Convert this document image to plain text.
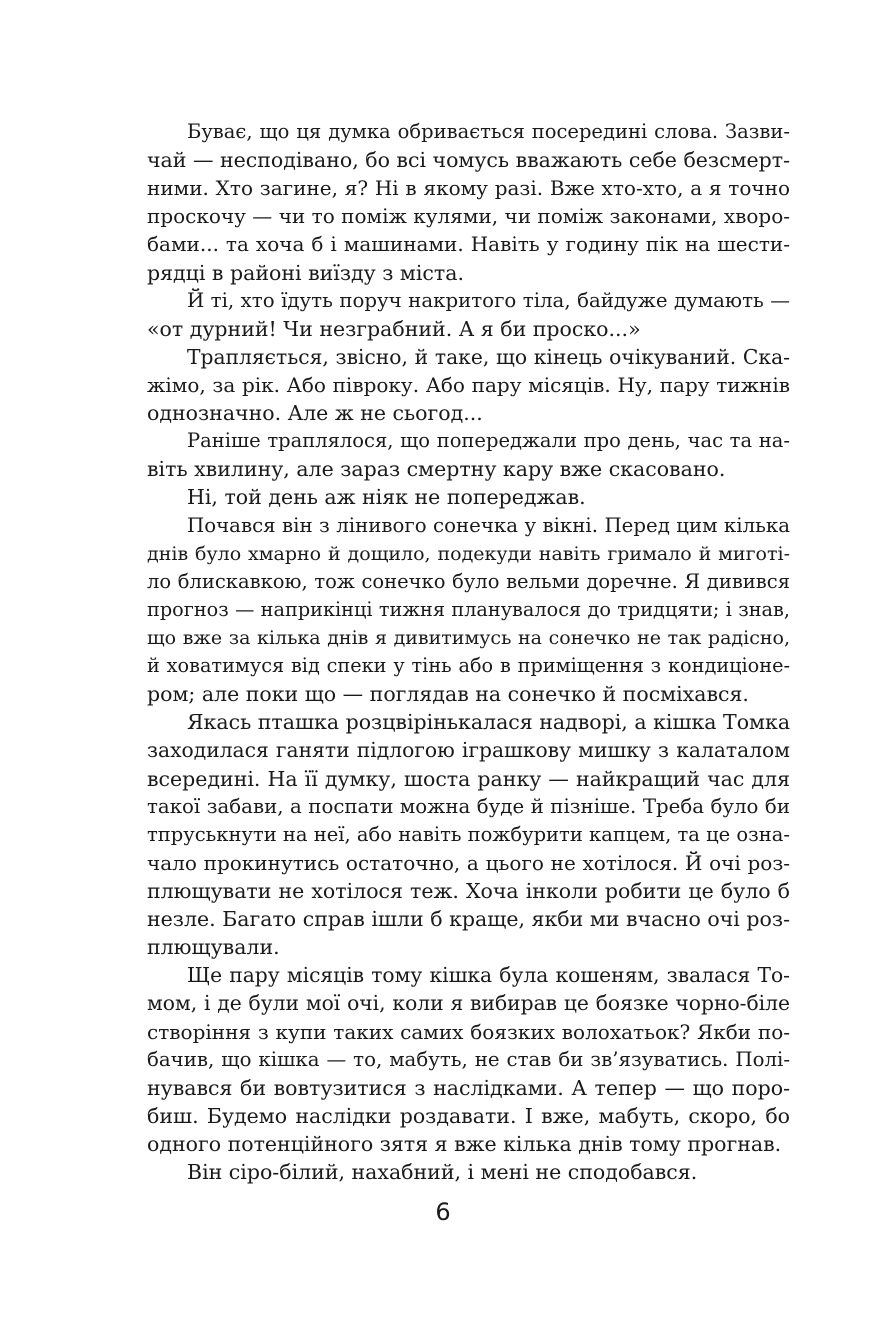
Буває, що ця думка обривається посередині слова. Зазви-
чай — несподівано, бо всі чомусь вважають себе безсмерт-
ними. Хто загине, я? Ні в якому разі. Вже хто-хто, а я точно
проскочу — чи то поміж кулями, чи поміж законами, хворо-
бами... та хоча б і машинами. Навіть у годину пік на шести-
рядці в районі виїзду з міста.
Й ті, хто їдуть поруч накритого тіла, байдуже думають —
«от дурний! Чи незграбний. А я би проско...»
Трапляється, звісно, й таке, що кінець очікуваний. Ска-
жімо, за рік. Або півроку. Або пару місяців. Ну, пару тижнів
однозначно. Але ж не сьогод...
Раніше траплялося, що попереджали про день, час та на-
віть хвилину, але зараз смертну кару вже скасовано.
Ні, той день аж ніяк не попереджав.
Почався він з лінивого сонечка у вікні. Перед цим кілька
днів було хмарно й дощило, подекуди навіть гримало й миготі-
ло блискавкою, тож сонечко було вельми доречне. Я дивився
прогноз — наприкінці тижня планувалося до тридцяти; і знав,
що вже за кілька днів я дивитимусь на сонечко не так радісно,
й ховатимуся від спеки у тінь або в приміщення з кондиціоне-
ром; але поки що — поглядав на сонечко й посміхався.
Якась пташка розцвірінькалася надворі, а кішка Томка
заходилася ганяти підлогою іграшкову мишку з калаталом
всередині. На її думку, шоста ранку — найкращий час для
такої забави, а поспати можна буде й пізніше. Треба було би
тпруськнути на неї, або навіть пожбурити капцем, та це озна-
чало прокинутись остаточно, а цього не хотілося. Й очі роз-
плющувати не хотілося теж. Хоча інколи робити це було б
незле. Багато справ ішли б краще, якби ми вчасно очі роз-
плющували.
Ще пару місяців тому кішка була кошеням, звалася То-
мом, і де були мої очі, коли я вибирав це боязке чорно-біле
створіння з купи таких самих боязких волохатьок? Якби по-
бачив, що кішка — то, мабуть, не став би зв’язуватись. Полі-
нувався би вовтузитися з наслідками. А тепер — що поро-
биш. Будемо наслідки роздавати. І вже, мабуть, скоро, бо
одного потенційного зятя я вже кілька днів тому прогнав.
Він сіро-білий, нахабний, і мені не сподобався.
6
